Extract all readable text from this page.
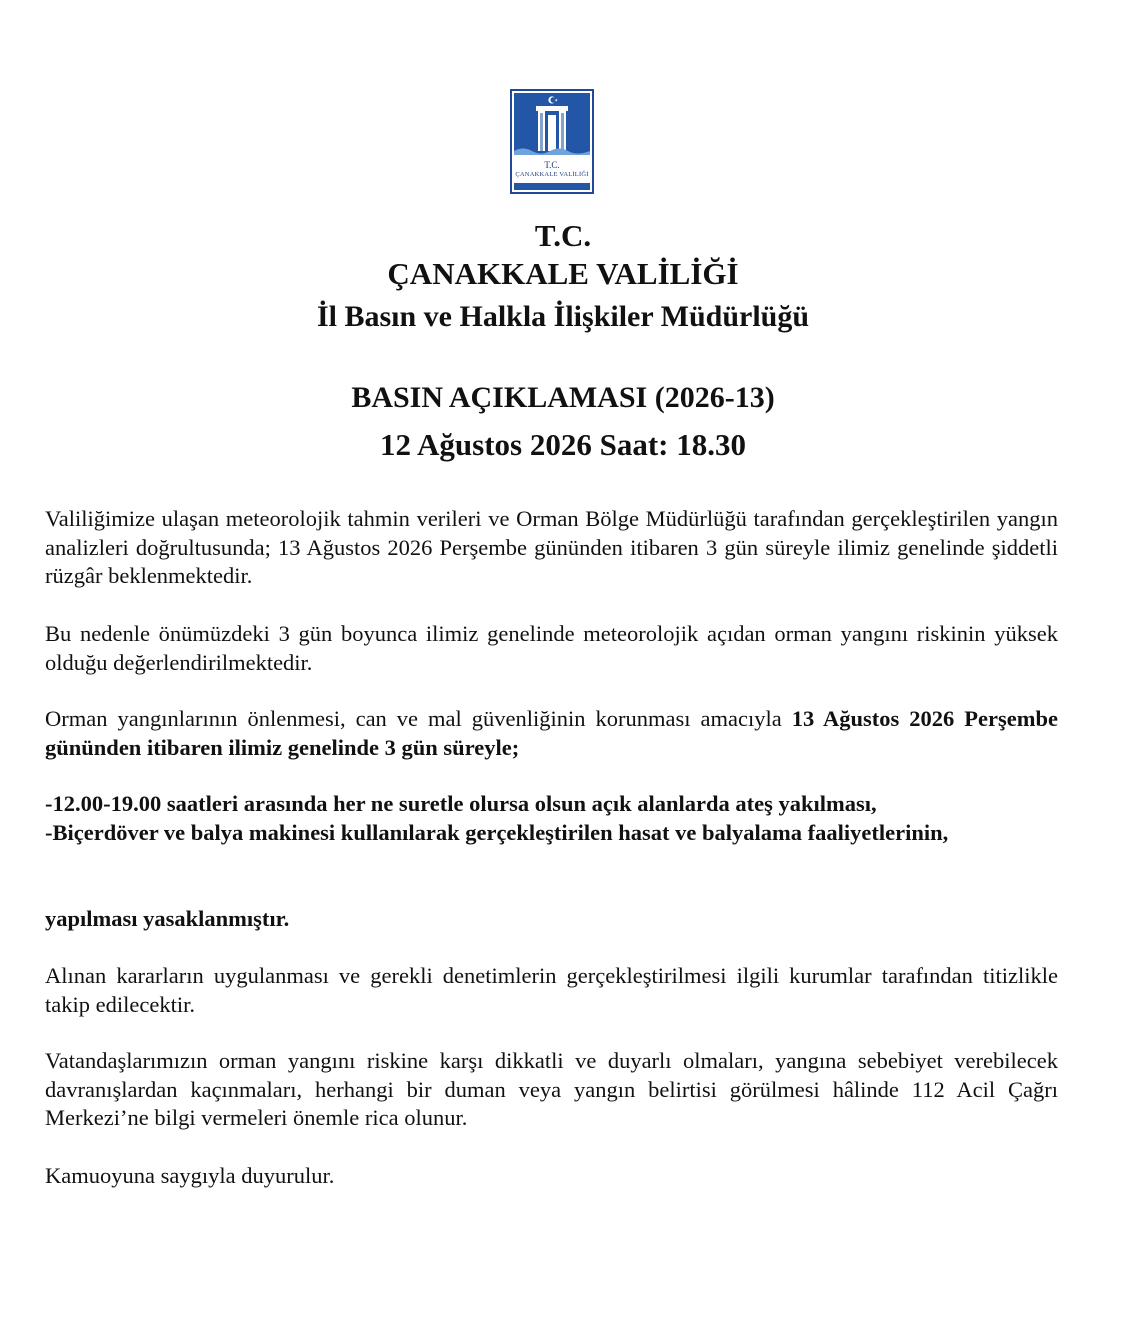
T.C.
ÇANAKKALE VALİLİĞİ
T.C.
ÇANAKKALE VALİLİĞİ
İl Basın ve Halkla İlişkiler Müdürlüğü
BASIN AÇIKLAMASI (2026-13)
12 Ağustos 2026 Saat: 18.30

Valiliğimize ulaşan meteorolojik tahmin verileri ve Orman Bölge Müdürlüğü tarafından gerçekleştirilen yangın analizleri doğrultusunda; 13 Ağustos 2026 Perşembe gününden itibaren 3 gün süreyle ilimiz genelinde şiddetli rüzgâr beklenmektedir.

Bu nedenle önümüzdeki 3 gün boyunca ilimiz genelinde meteorolojik açıdan orman yangını riskinin yüksek olduğu değerlendirilmektedir.

Orman yangınlarının önlenmesi, can ve mal güvenliğinin korunması amacıyla 13 Ağustos 2026 Perşembe gününden itibaren ilimiz genelinde 3 gün süreyle;

-12.00-19.00 saatleri arasında her ne suretle olursa olsun açık alanlarda ateş yakılması,

-Biçerdöver ve balya makinesi kullanılarak gerçekleştirilen hasat ve balyalama faaliyetlerinin,

yapılması yasaklanmıştır.

Alınan kararların uygulanması ve gerekli denetimlerin gerçekleştirilmesi ilgili kurumlar tarafından titizlikle takip edilecektir.

Vatandaşlarımızın orman yangını riskine karşı dikkatli ve duyarlı olmaları, yangına sebebiyet verebilecek davranışlardan kaçınmaları, herhangi bir duman veya yangın belirtisi görülmesi hâlinde 112 Acil Çağrı Merkezi’ne bilgi vermeleri önemle rica olunur.

Kamuoyuna saygıyla duyurulur.
